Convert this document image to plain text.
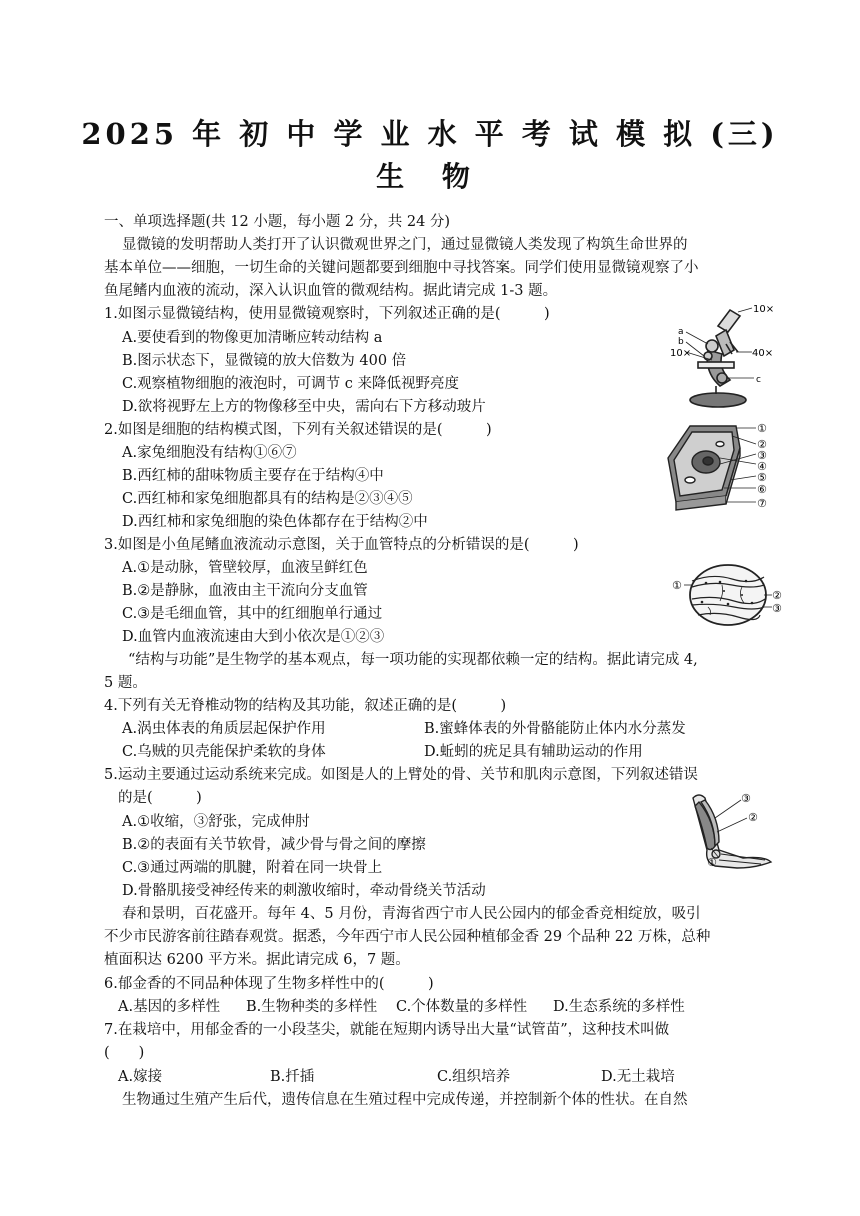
2025 年 初 中 学 业 水 平 考 试 模 拟 (三)
生 物
一、单项选择题(共 12 小题，每小题 2 分，共 24 分)
显微镜的发明帮助人类打开了认识微观世界之门，通过显微镜人类发现了构筑生命世界的
基本单位——细胞，一切生命的关键问题都要到细胞中寻找答案。同学们使用显微镜观察了小
鱼尾鳍内血液的流动，深入认识血管的微观结构。据此请完成 1-3 题。
1.如图示显微镜结构，使用显微镜观察时，下列叙述正确的是(　　　)
A.要使看到的物像更加清晰应转动结构 a
B.图示状态下，显微镜的放大倍数为 400 倍
C.观察植物细胞的液泡时，可调节 c 来降低视野亮度
D.欲将视野左上方的物像移至中央，需向右下方移动玻片
10×
a
b
10×	40×
c
2.如图是细胞的结构模式图，下列有关叙述错误的是(　　　)
A.家兔细胞没有结构①⑥⑦
B.西红柿的甜味物质主要存在于结构④中
C.西红柿和家兔细胞都具有的结构是②③④⑤
D.西红柿和家兔细胞的染色体都存在于结构②中
①
②
③
④
⑤
⑥
⑦
3.如图是小鱼尾鳍血液流动示意图，关于血管特点的分析错误的是(　　　)
A.①是动脉，管壁较厚，血液呈鲜红色
B.②是静脉，血液由主干流向分支血管
C.③是毛细血管，其中的红细胞单行通过
D.血管内血液流速由大到小依次是①②③
①
②
③
“结构与功能”是生物学的基本观点，每一项功能的实现都依赖一定的结构。据此请完成 4,
5 题。
4.下列有关无脊椎动物的结构及其功能，叙述正确的是(　　　)
A.涡虫体表的角质层起保护作用	B.蜜蜂体表的外骨骼能防止体内水分蒸发
C.乌贼的贝壳能保护柔软的身体	D.蚯蚓的疣足具有辅助运动的作用
5.运动主要通过运动系统来完成。如图是人的上臂处的骨、关节和肌肉示意图，下列叙述错误
的是(　　　)
A.①收缩，③舒张，完成伸肘
B.②的表面有关节软骨，减少骨与骨之间的摩擦
C.③通过两端的肌腱，附着在同一块骨上
D.骨骼肌接受神经传来的刺激收缩时，牵动骨绕关节活动
③
②
①
春和景明，百花盛开。每年 4、5 月份，青海省西宁市人民公园内的郁金香竞相绽放，吸引
不少市民游客前往踏春观赏。据悉，今年西宁市人民公园种植郁金香 29 个品种 22 万株，总种
植面积达 6200 平方米。据此请完成 6，7 题。
6.郁金香的不同品种体现了生物多样性中的(　　　)
A.基因的多样性 B.生物种类的多样性 C.个体数量的多样性 D.生态系统的多样性
7.在栽培中，用郁金香的一小段茎尖，就能在短期内诱导出大量“试管苗”，这种技术叫做
(　　)
A.嫁接	B.扦插	C.组织培养	D.无土栽培
生物通过生殖产生后代，遗传信息在生殖过程中完成传递，并控制新个体的性状。在自然
